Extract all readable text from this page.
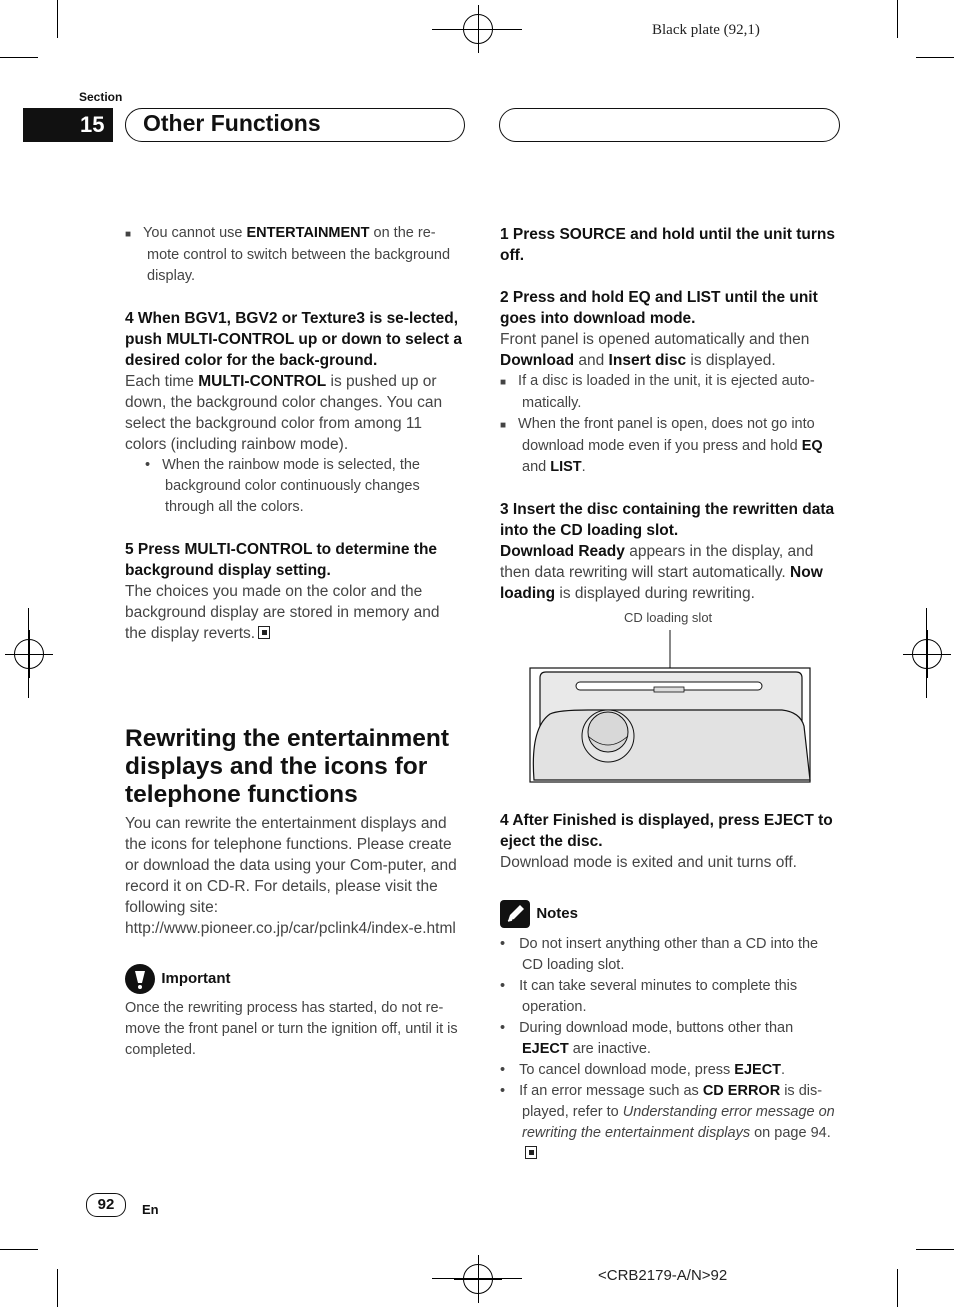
Black plate (92,1)
Section
15	Other Functions
■ You cannot use ENTERTAINMENT on the re-mote control to switch between the background display.
4 When BGV1, BGV2 or Texture3 is se-lected, push MULTI-CONTROL up or down to select a desired color for the back-ground.
Each time MULTI-CONTROL is pushed up or down, the background color changes. You can select the background color from among 11 colors (including rainbow mode).
• When the rainbow mode is selected, the background color continuously changes through all the colors.
5 Press MULTI-CONTROL to determine the background display setting.
The choices you made on the color and the background display are stored in memory and the display reverts.
Rewriting the entertainment displays and the icons for telephone functions
You can rewrite the entertainment displays and the icons for telephone functions. Please create or download the data using your Com-puter, and record it on CD-R. For details, please visit the following site:
http://www.pioneer.co.jp/car/pclink4/index-e.html
Important
Once the rewriting process has started, do not re-move the front panel or turn the ignition off, until it is completed.
1 Press SOURCE and hold until the unit turns off.
2 Press and hold EQ and LIST until the unit goes into download mode.
Front panel is opened automatically and then Download and Insert disc is displayed.
■ If a disc is loaded in the unit, it is ejected auto-matically.
■ When the front panel is open, does not go into download mode even if you press and hold EQ and LIST.
3 Insert the disc containing the rewritten data into the CD loading slot.
Download Ready appears in the display, and then data rewriting will start automatically. Now loading is displayed during rewriting.
CD loading slot
4 After Finished is displayed, press EJECT to eject the disc.
Download mode is exited and unit turns off.
Notes
• Do not insert anything other than a CD into the CD loading slot.
• It can take several minutes to complete this operation.
• During download mode, buttons other than EJECT are inactive.
• To cancel download mode, press EJECT.
• If an error message such as CD ERROR is dis-played, refer to Understanding error message on rewriting the entertainment displays on page 94.
92	En
<CRB2179-A/N>92
